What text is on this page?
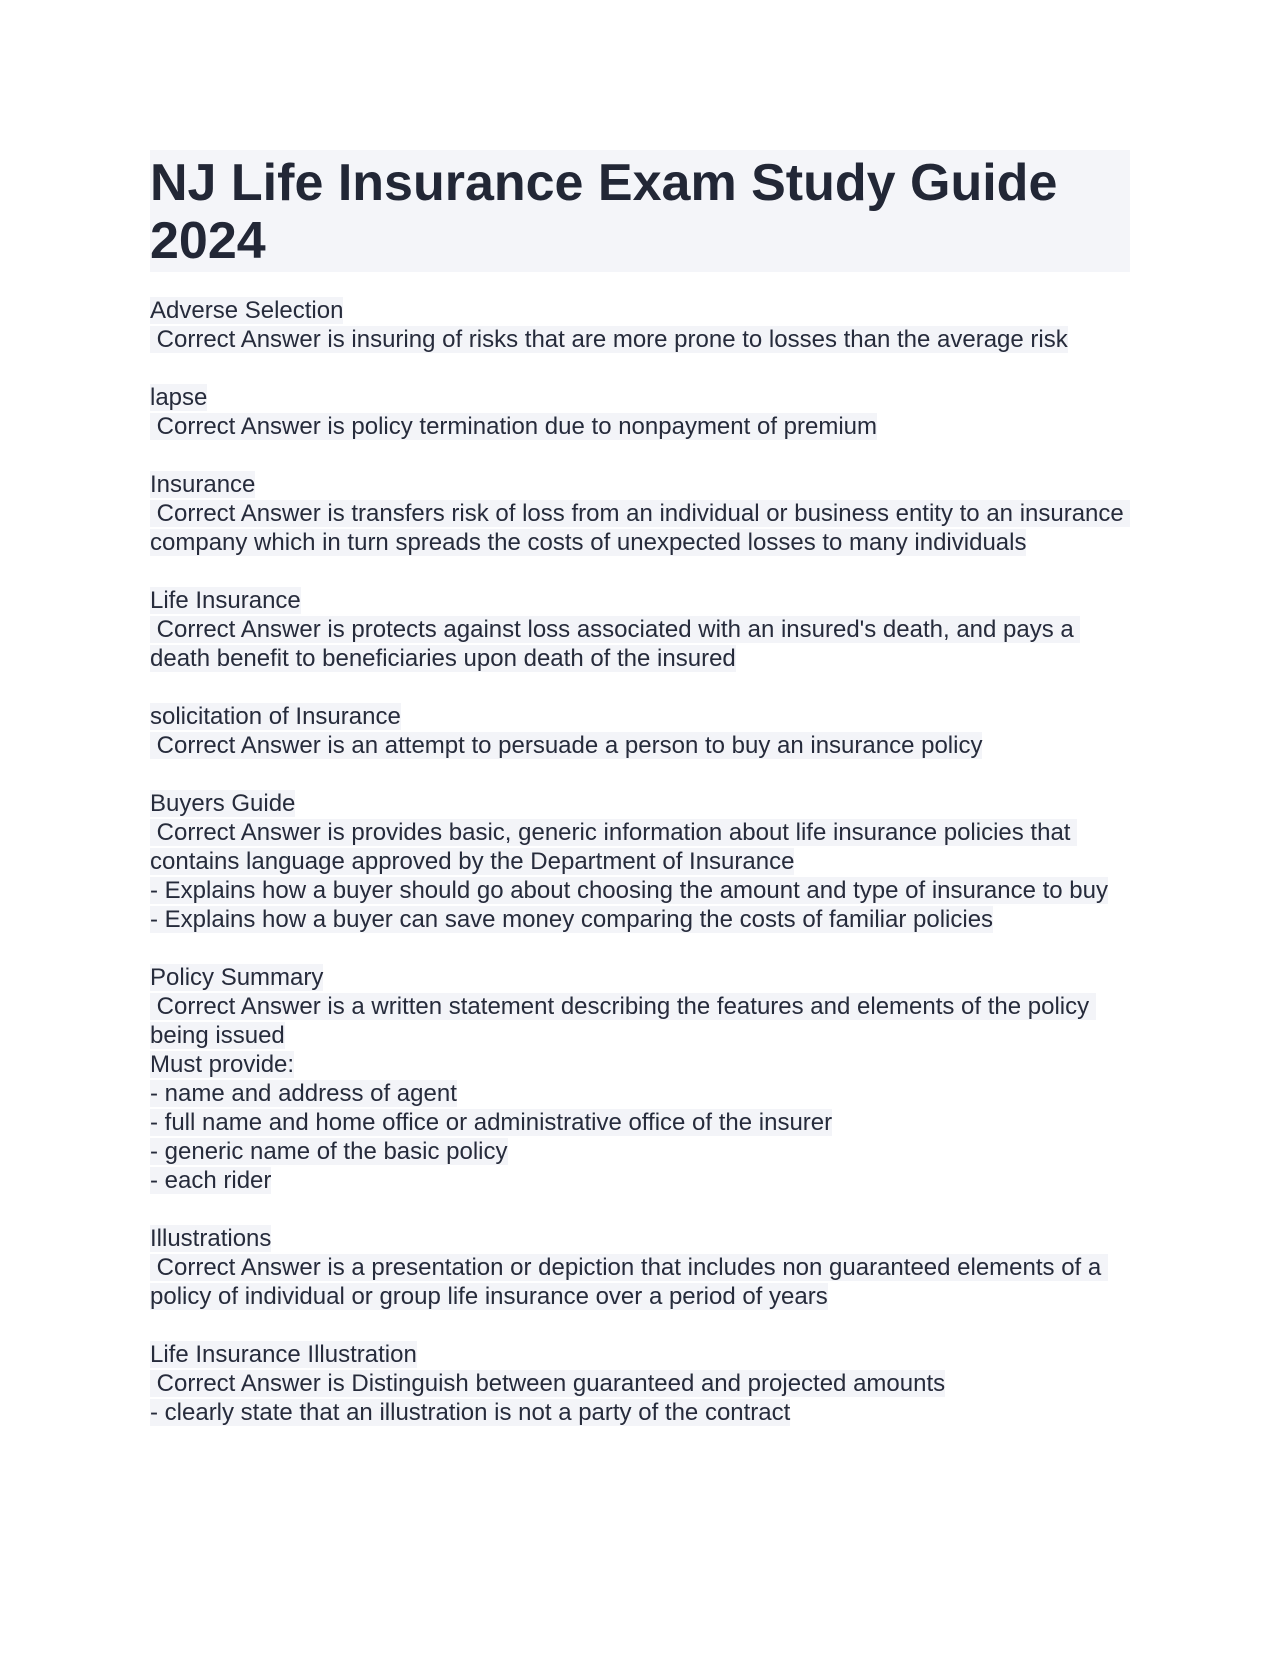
NJ Life Insurance Exam Study Guide 2024
Adverse Selection
Correct Answer is insuring of risks that are more prone to losses than the average risk
lapse
Correct Answer is policy termination due to nonpayment of premium
Insurance
Correct Answer is transfers risk of loss from an individual or business entity to an insurance company which in turn spreads the costs of unexpected losses to many individuals
Life Insurance
Correct Answer is protects against loss associated with an insured's death, and pays a death benefit to beneficiaries upon death of the insured
solicitation of Insurance
Correct Answer is an attempt to persuade a person to buy an insurance policy
Buyers Guide
Correct Answer is provides basic, generic information about life insurance policies that contains language approved by the Department of Insurance
- Explains how a buyer should go about choosing the amount and type of insurance to buy
- Explains how a buyer can save money comparing the costs of familiar policies
Policy Summary
Correct Answer is a written statement describing the features and elements of the policy being issued
Must provide:
- name and address of agent
- full name and home office or administrative office of the insurer
- generic name of the basic policy
- each rider
Illustrations
Correct Answer is a presentation or depiction that includes non guaranteed elements of a policy of individual or group life insurance over a period of years
Life Insurance Illustration
Correct Answer is Distinguish between guaranteed and projected amounts
- clearly state that an illustration is not a party of the contract
